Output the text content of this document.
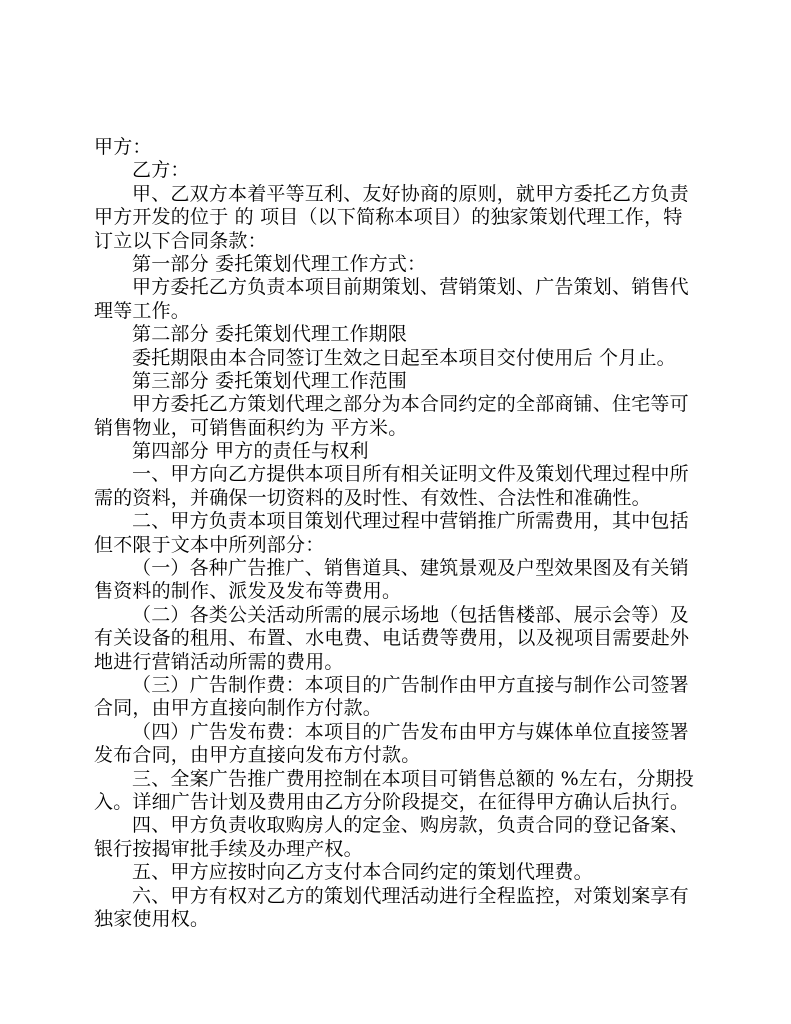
甲方：
乙方：
甲、乙双方本着平等互利、友好协商的原则，就甲方委托乙方负责
甲方开发的位于 的 项目（以下简称本项目）的独家策划代理工作，特
订立以下合同条款：
第一部分 委托策划代理工作方式：
甲方委托乙方负责本项目前期策划、营销策划、广告策划、销售代
理等工作。
第二部分 委托策划代理工作期限
委托期限由本合同签订生效之日起至本项目交付使用后 个月止。
第三部分 委托策划代理工作范围
甲方委托乙方策划代理之部分为本合同约定的全部商铺、住宅等可
销售物业，可销售面积约为 平方米。
第四部分 甲方的责任与权利
一、甲方向乙方提供本项目所有相关证明文件及策划代理过程中所
需的资料，并确保一切资料的及时性、有效性、合法性和准确性。
二、甲方负责本项目策划代理过程中营销推广所需费用，其中包括
但不限于文本中所列部分：
（一）各种广告推广、销售道具、建筑景观及户型效果图及有关销
售资料的制作、派发及发布等费用。
（二）各类公关活动所需的展示场地（包括售楼部、展示会等）及
有关设备的租用、布置、水电费、电话费等费用，以及视项目需要赴外
地进行营销活动所需的费用。
（三）广告制作费：本项目的广告制作由甲方直接与制作公司签署
合同，由甲方直接向制作方付款。
（四）广告发布费：本项目的广告发布由甲方与媒体单位直接签署
发布合同，由甲方直接向发布方付款。
三、全案广告推广费用控制在本项目可销售总额的 %左右，分期投
入。详细广告计划及费用由乙方分阶段提交，在征得甲方确认后执行。
四、甲方负责收取购房人的定金、购房款，负责合同的登记备案、
银行按揭审批手续及办理产权。
五、甲方应按时向乙方支付本合同约定的策划代理费。
六、甲方有权对乙方的策划代理活动进行全程监控，对策划案享有
独家使用权。
